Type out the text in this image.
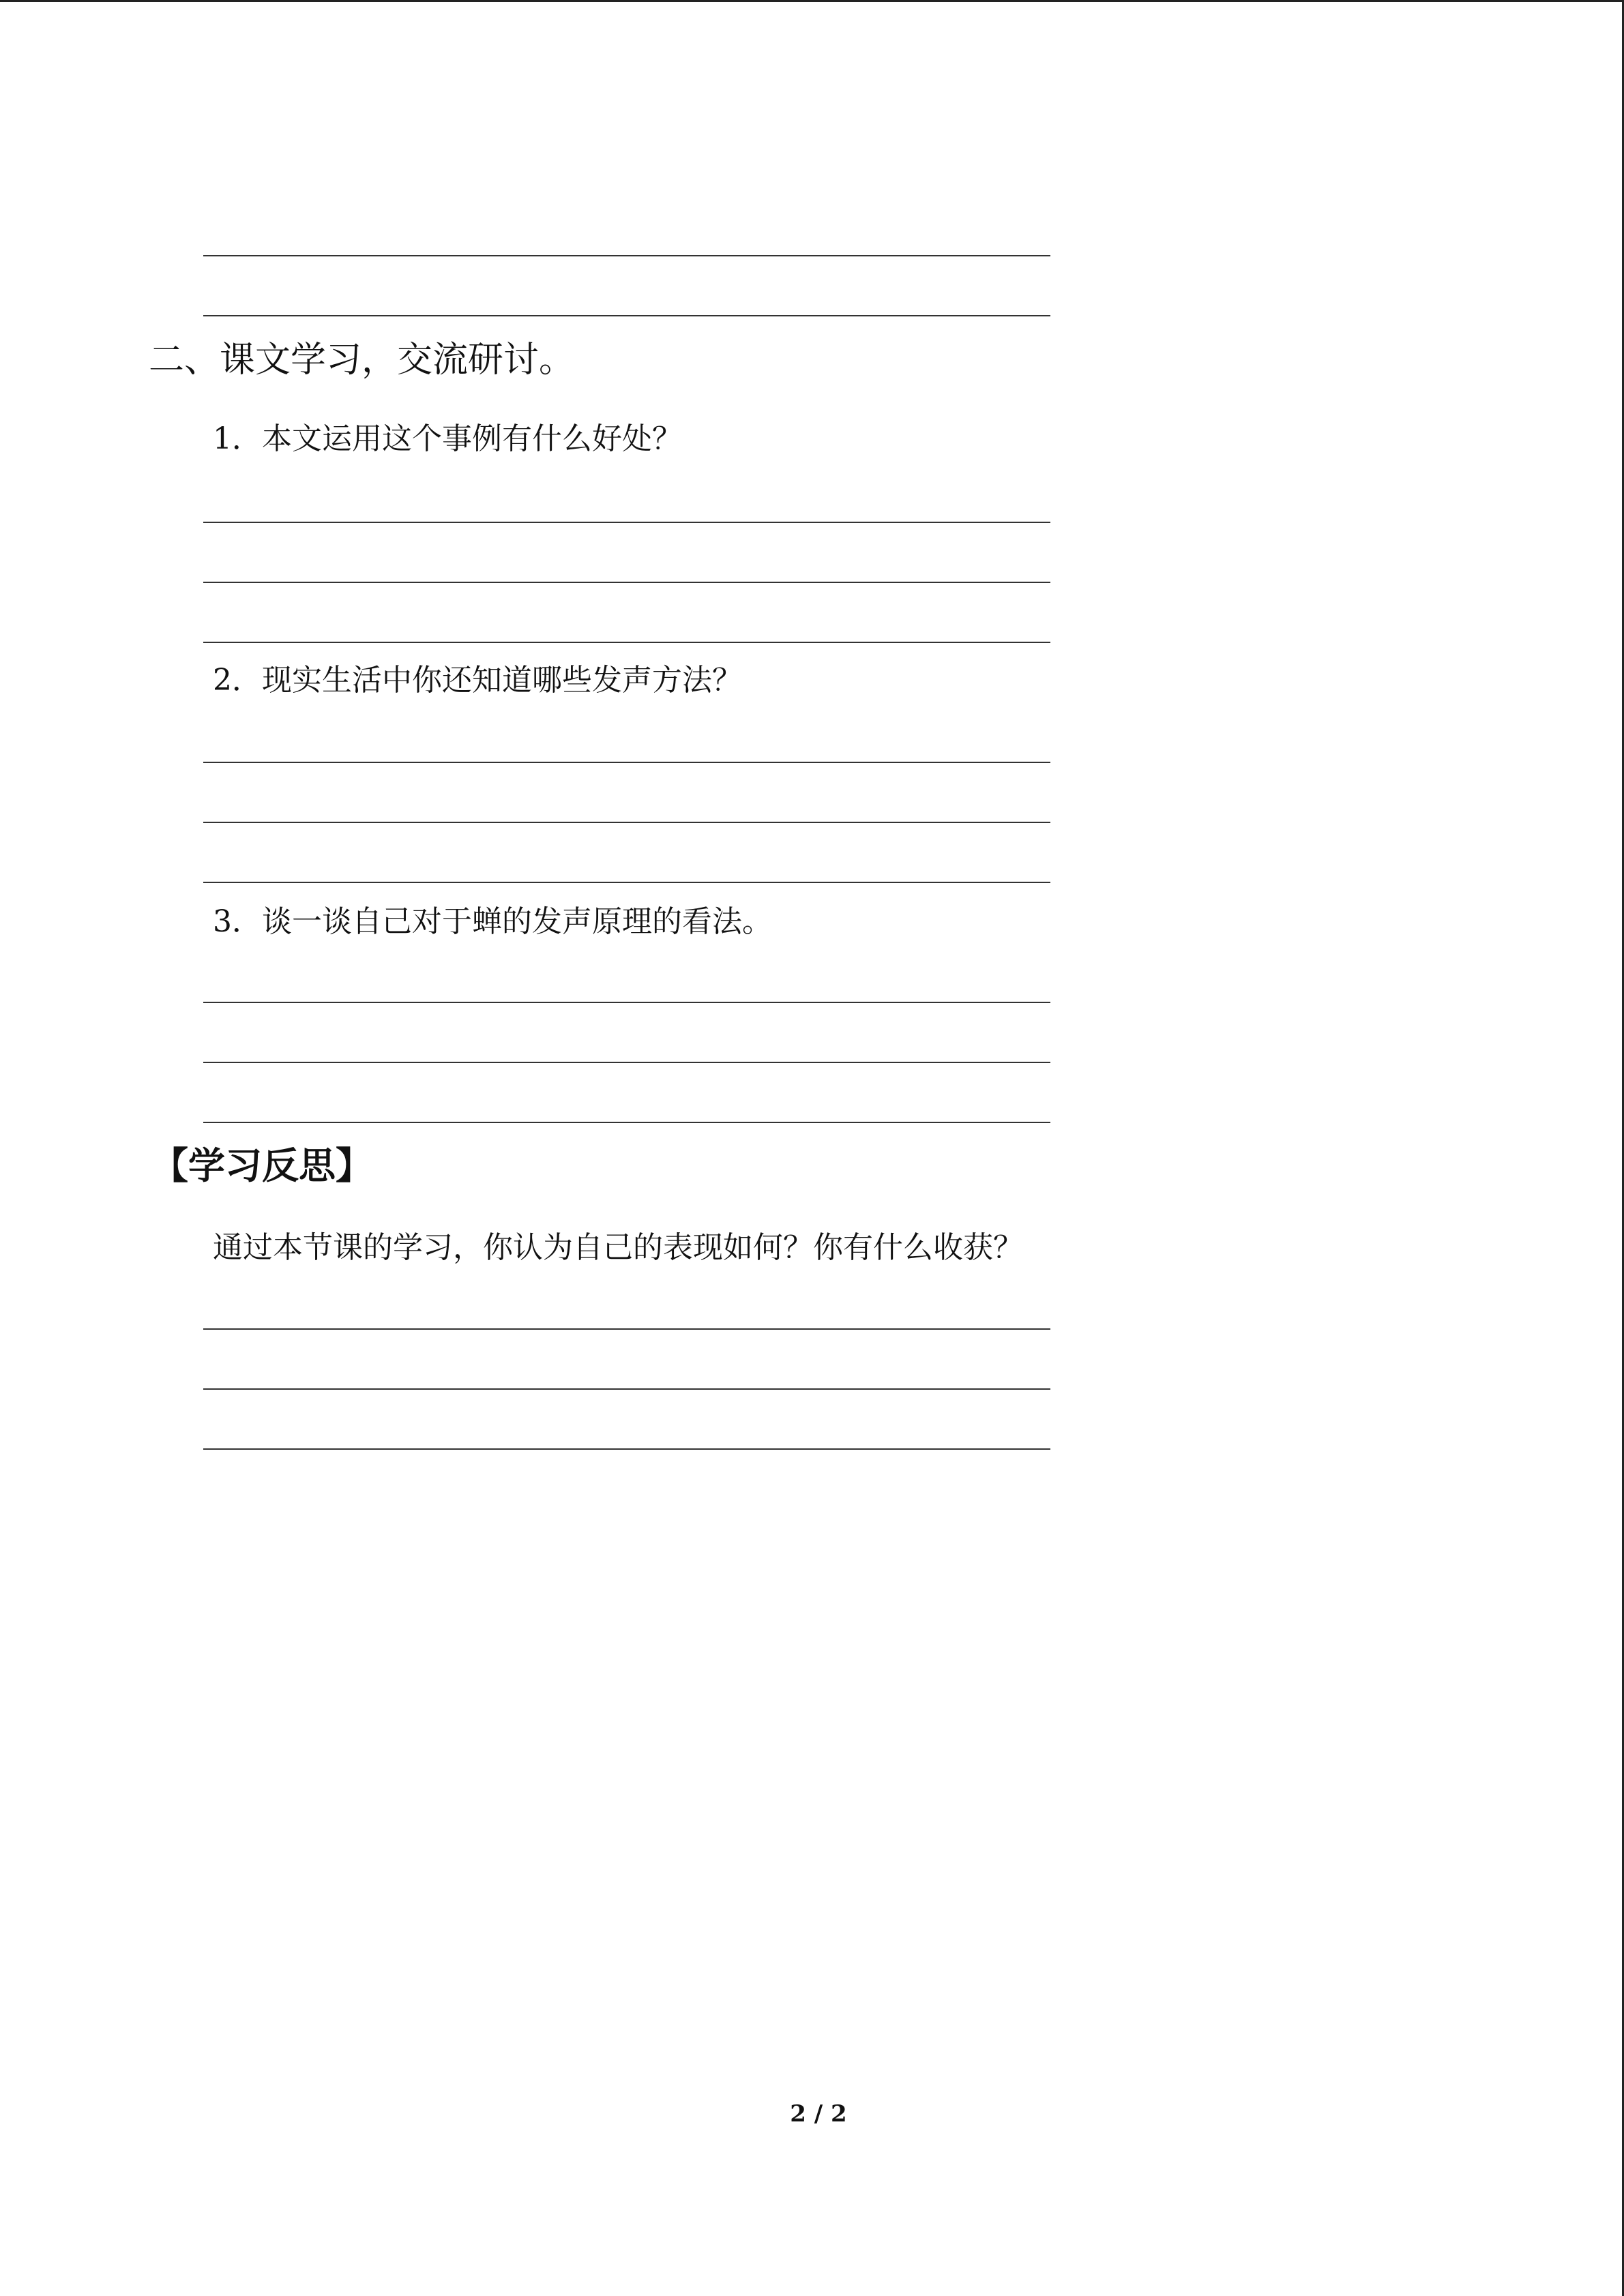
二、课文学习，交流研讨。
1．本文运用这个事例有什么好处？
2．现实生活中你还知道哪些发声方法？
3．谈一谈自己对于蝉的发声原理的看法。
【学习反思】
通过本节课的学习，你认为自己的表现如何？你有什么收获？
2 / 2
